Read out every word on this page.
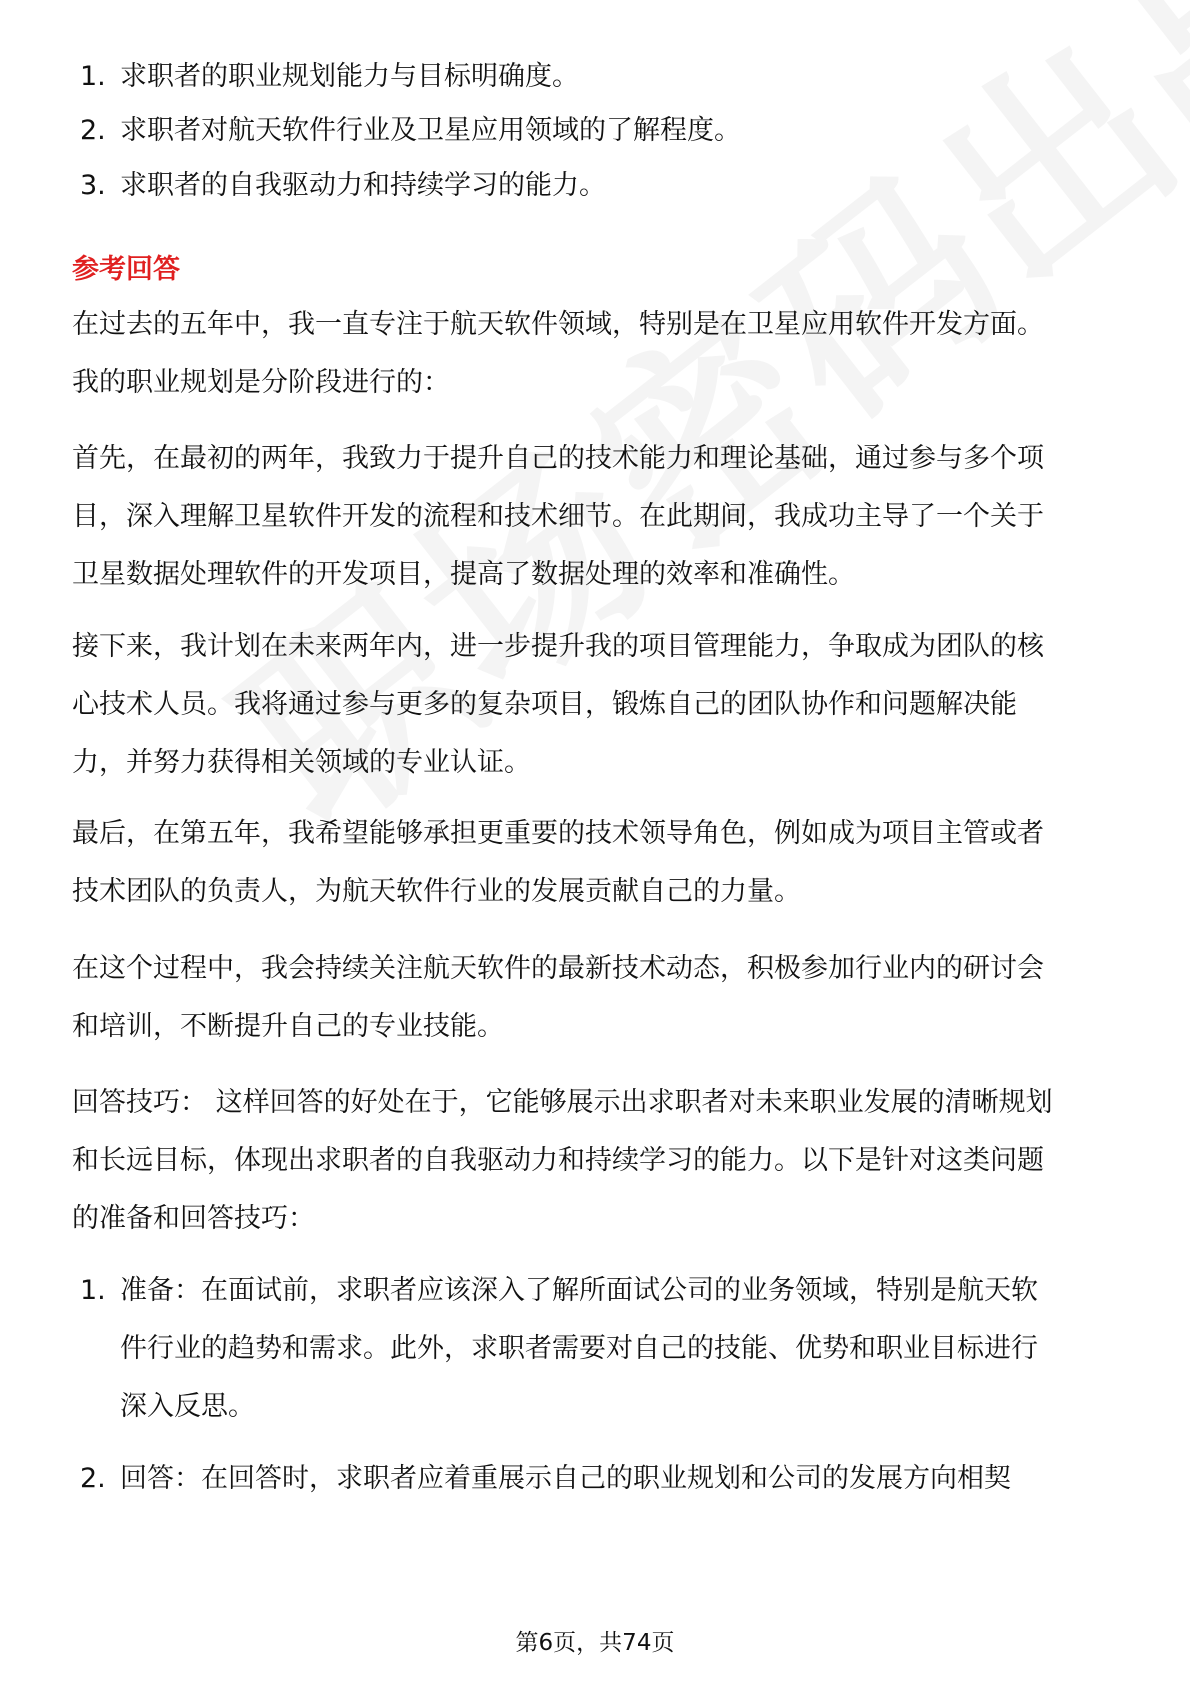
1. 求职者的职业规划能力与目标明确度。
2. 求职者对航天软件行业及卫星应用领域的了解程度。
3. 求职者的自我驱动力和持续学习的能力。
参考回答
在过去的五年中，我一直专注于航天软件领域，特别是在卫星应用软件开发方面。
我的职业规划是分阶段进行的：
首先，在最初的两年，我致力于提升自己的技术能力和理论基础，通过参与多个项
目，深入理解卫星软件开发的流程和技术细节。在此期间，我成功主导了一个关于
卫星数据处理软件的开发项目，提高了数据处理的效率和准确性。
接下来，我计划在未来两年内，进一步提升我的项目管理能力，争取成为团队的核
心技术人员。我将通过参与更多的复杂项目，锻炼自己的团队协作和问题解决能
力，并努力获得相关领域的专业认证。
最后，在第五年，我希望能够承担更重要的技术领导角色，例如成为项目主管或者
技术团队的负责人，为航天软件行业的发展贡献自己的力量。
在这个过程中，我会持续关注航天软件的最新技术动态，积极参加行业内的研讨会
和培训，不断提升自己的专业技能。
回答技巧： 这样回答的好处在于，它能够展示出求职者对未来职业发展的清晰规划
和长远目标，体现出求职者的自我驱动力和持续学习的能力。以下是针对这类问题
的准备和回答技巧：
1. 准备：在面试前，求职者应该深入了解所面试公司的业务领域，特别是航天软
件行业的趋势和需求。此外，求职者需要对自己的技能、优势和职业目标进行
深入反思。
2. 回答：在回答时，求职者应着重展示自己的职业规划和公司的发展方向相契
第6页，共74页
